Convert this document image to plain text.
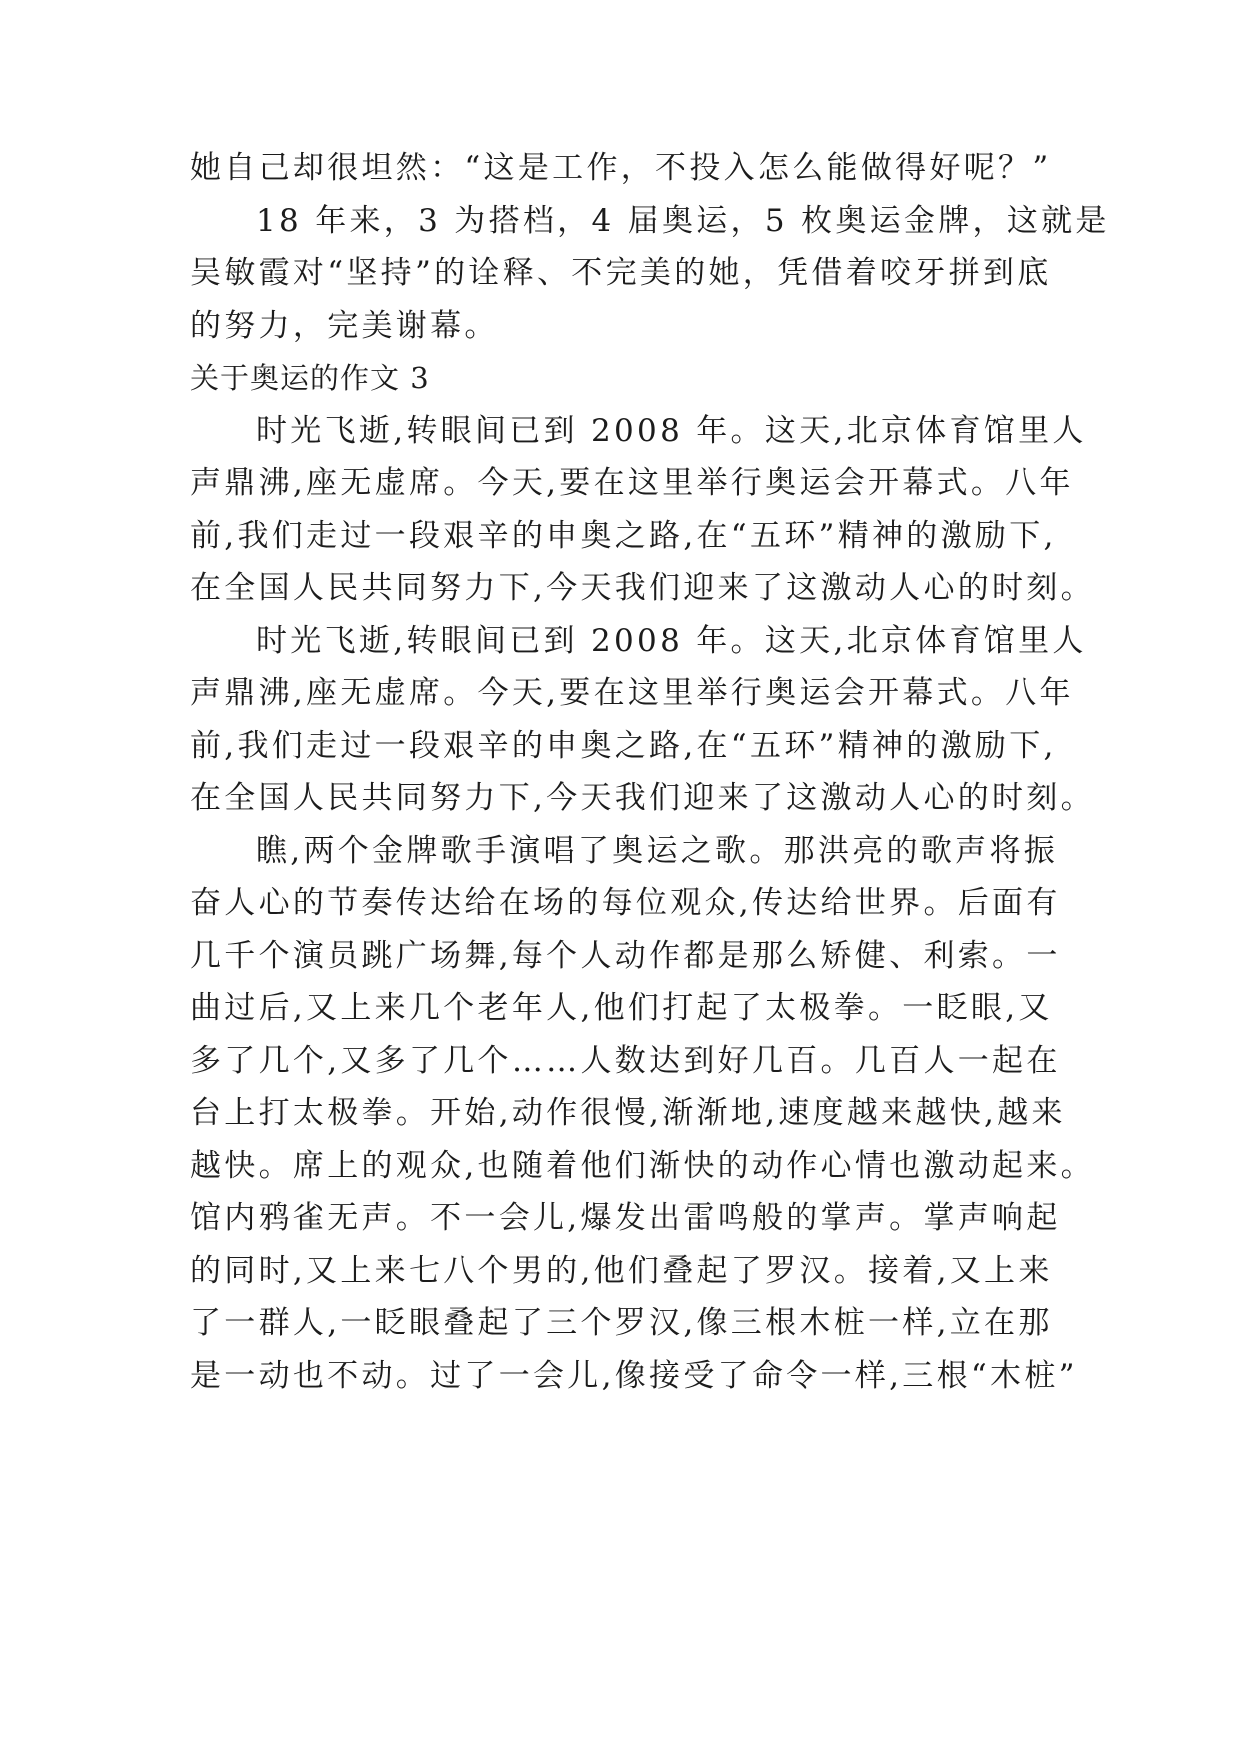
她自己却很坦然：“这是工作，不投入怎么能做得好呢？”
18 年来，3 为搭档，4 届奥运，5 枚奥运金牌，这就是
吴敏霞对“坚持”的诠释、不完美的她，凭借着咬牙拼到底
的努力，完美谢幕。
关于奥运的作文 3
时光飞逝,转眼间已到 2008 年。这天,北京体育馆里人
声鼎沸,座无虚席。今天,要在这里举行奥运会开幕式。八年
前,我们走过一段艰辛的申奥之路,在“五环”精神的激励下,
在全国人民共同努力下,今天我们迎来了这激动人心的时刻。
时光飞逝,转眼间已到 2008 年。这天,北京体育馆里人
声鼎沸,座无虚席。今天,要在这里举行奥运会开幕式。八年
前,我们走过一段艰辛的申奥之路,在“五环”精神的激励下,
在全国人民共同努力下,今天我们迎来了这激动人心的时刻。
瞧,两个金牌歌手演唱了奥运之歌。那洪亮的歌声将振
奋人心的节奏传达给在场的每位观众,传达给世界。后面有
几千个演员跳广场舞,每个人动作都是那么矫健、利索。一
曲过后,又上来几个老年人,他们打起了太极拳。一眨眼,又
多了几个,又多了几个……人数达到好几百。几百人一起在
台上打太极拳。开始,动作很慢,渐渐地,速度越来越快,越来
越快。席上的观众,也随着他们渐快的动作心情也激动起来。
馆内鸦雀无声。不一会儿,爆发出雷鸣般的掌声。掌声响起
的同时,又上来七八个男的,他们叠起了罗汉。接着,又上来
了一群人,一眨眼叠起了三个罗汉,像三根木桩一样,立在那
是一动也不动。过了一会儿,像接受了命令一样,三根“木桩”
